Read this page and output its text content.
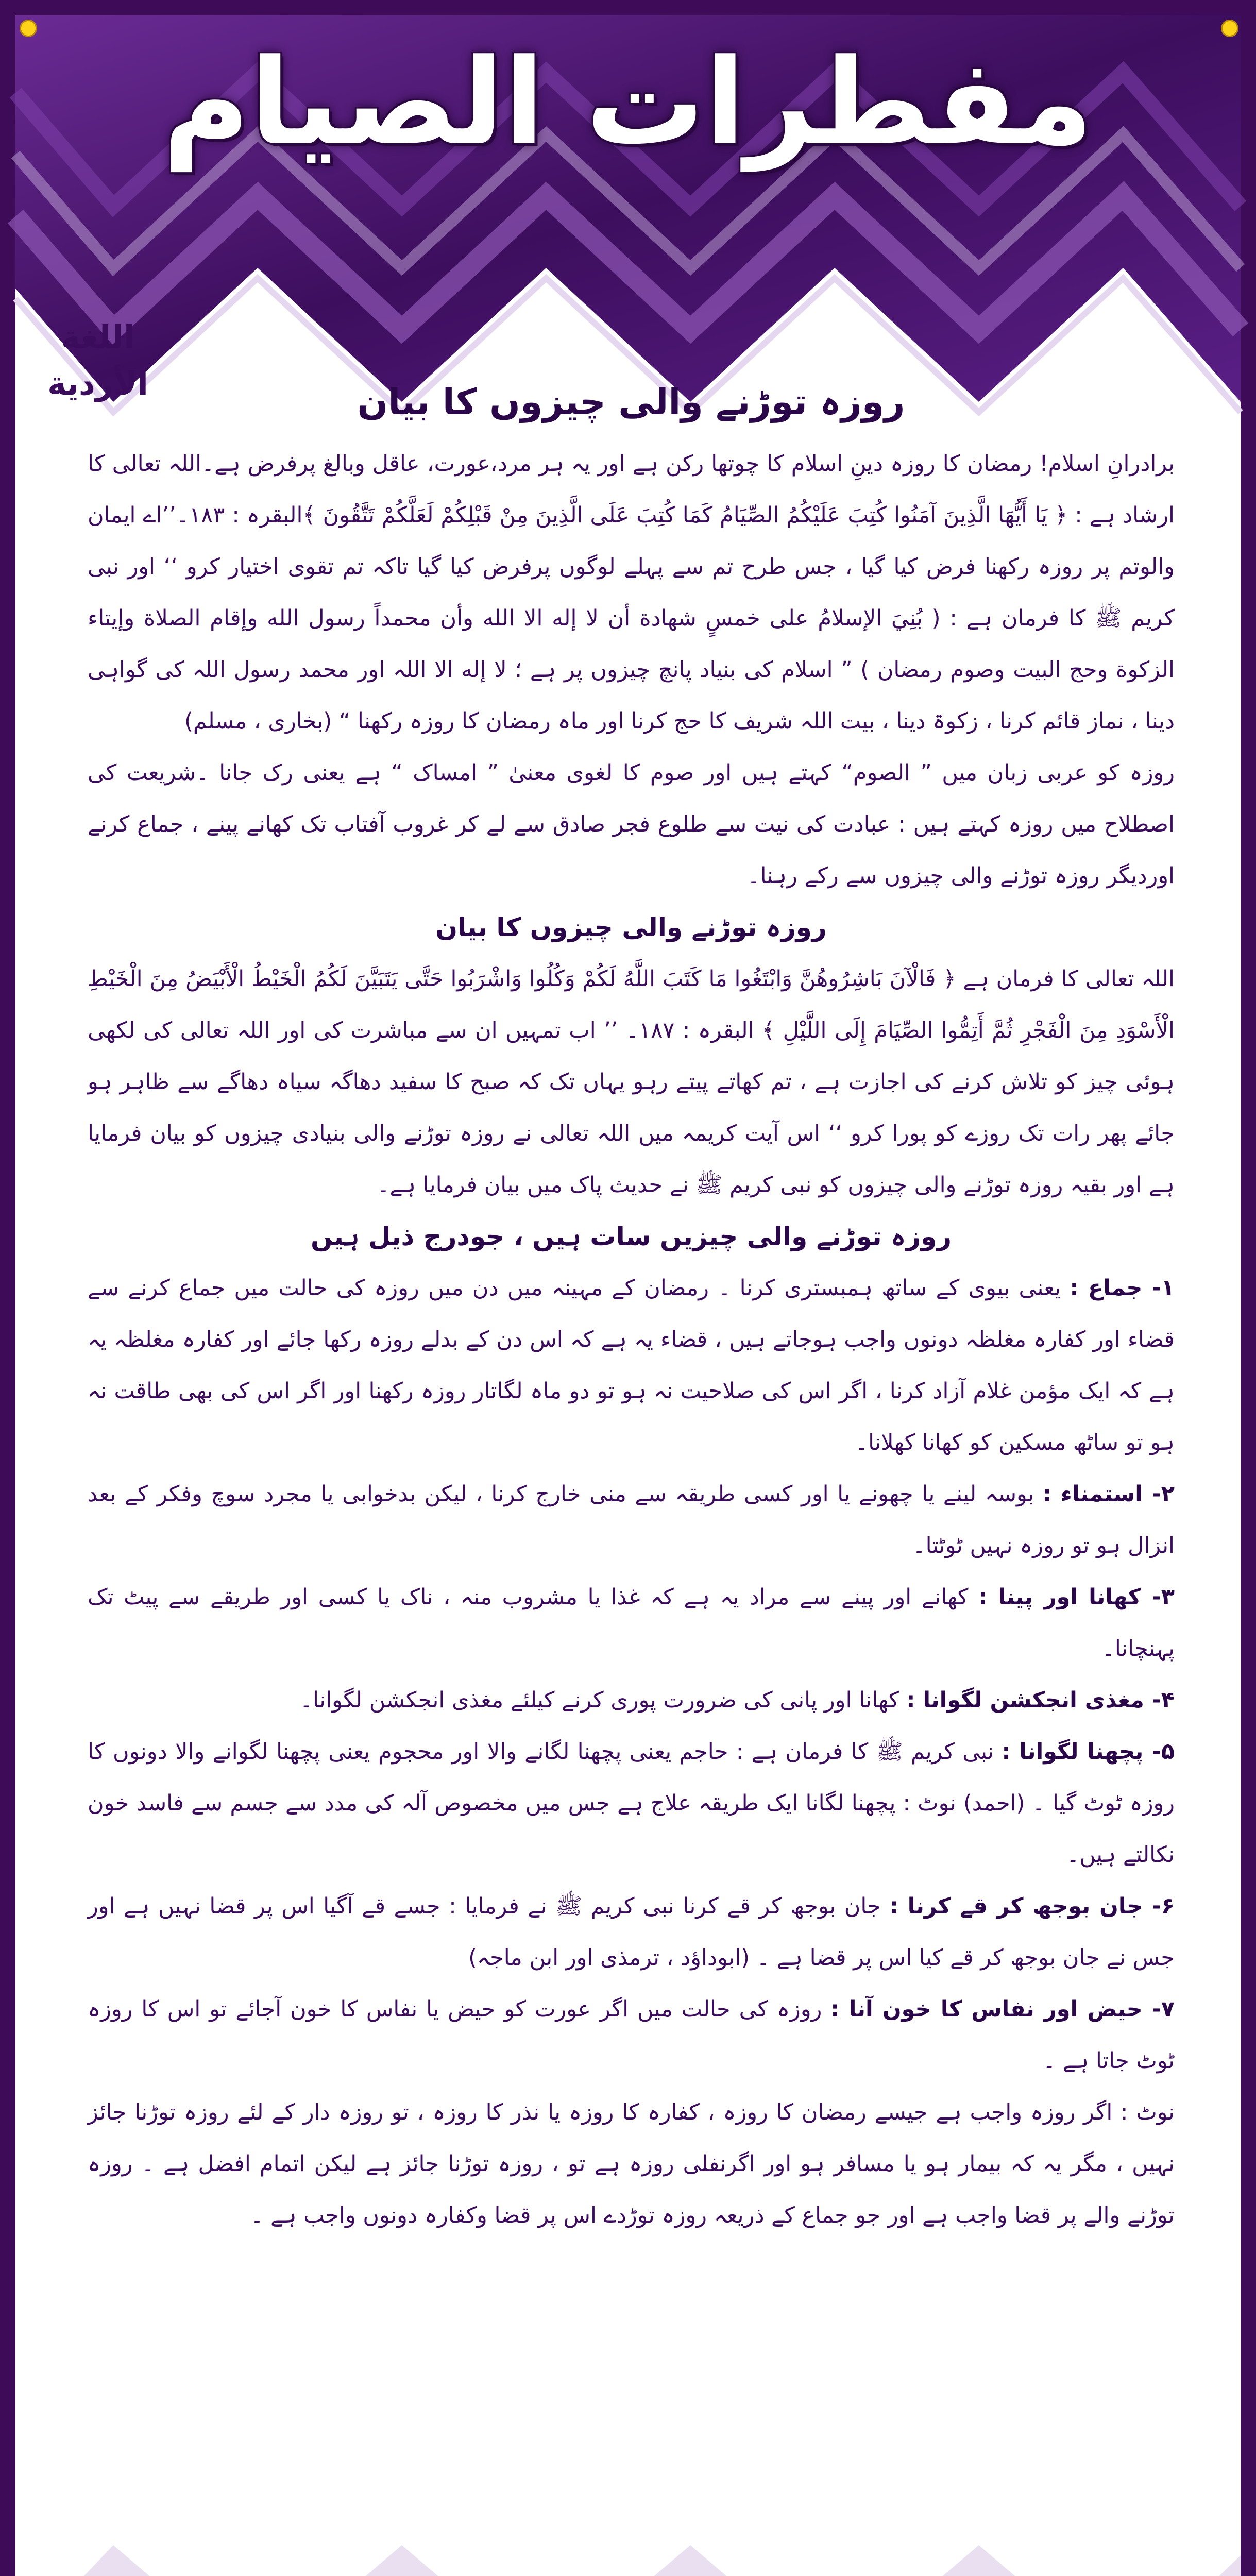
مفطرات الصیام
اللغة
الأردية	روزہ توڑنے والی چیزوں کا بیان

برادرانِ اسلام! رمضان کا روزہ دینِ اسلام کا چوتھا رکن ہے اور یہ ہر مرد،عورت، عاقل وبالغ پرفرض ہے۔اللہ تعالی کا ارشاد ہے : ﴿ يَا أَيُّهَا الَّذِينَ آمَنُوا كُتِبَ عَلَيْكُمُ الصِّيَامُ كَمَا كُتِبَ عَلَى الَّذِينَ مِنْ قَبْلِكُمْ لَعَلَّكُمْ تَتَّقُونَ ﴾البقرہ : ۱۸۳۔’’اے ایمان والوتم پر روزہ رکھنا فرض کیا گیا ، جس طرح تم سے پہلے لوگوں پرفرض کیا گیا تاکہ تم تقوی اختیار کرو ‘‘ اور نبی کریم ﷺ کا فرمان ہے : ( بُنِيَ الإسلامُ على خمسٍ شهادة أن لا إله الا الله وأن محمداً رسول الله وإقام الصلاة وإيتاء الزكوة وحج البيت وصوم رمضان ) ” اسلام کی بنیاد پانچ چیزوں پر ہے ؛ لا إله الا اللہ اور محمد رسول اللہ کی گواہی دینا ، نماز قائم کرنا ، زکوۃ دینا ، بیت اللہ شریف کا حج کرنا اور ماہ رمضان کا روزہ رکھنا “ (بخاری ، مسلم)

روزہ کو عربی زبان میں ” الصوم“ کہتے ہیں اور صوم کا لغوی معنیٰ ” امساک “ ہے یعنی رک جانا ۔شریعت کی اصطلاح میں روزہ کہتے ہیں : عبادت کی نیت سے طلوع فجر صادق سے لے کر غروب آفتاب تک کھانے پینے ، جماع کرنے اوردیگر روزہ توڑنے والی چیزوں سے رکے رہنا۔

روزہ توڑنے والی چیزوں کا بیان

اللہ تعالی کا فرمان ہے ﴿ فَالْآنَ بَاشِرُوهُنَّ وَابْتَغُوا مَا كَتَبَ اللَّهُ لَكُمْ وَكُلُوا وَاشْرَبُوا حَتَّى يَتَبَيَّنَ لَكُمُ الْخَيْطُ الْأَبْيَضُ مِنَ الْخَيْطِ الْأَسْوَدِ مِنَ الْفَجْرِ ثُمَّ أَتِمُّوا الصِّيَامَ إِلَى اللَّيْلِ ﴾ البقرہ : ۱۸۷۔ ’’ اب تمہیں ان سے مباشرت کی اور اللہ تعالی کی لکھی ہوئی چیز کو تلاش کرنے کی اجازت ہے ، تم کھاتے پیتے رہو یہاں تک کہ صبح کا سفید دھاگہ سیاہ دھاگے سے ظاہر ہو جائے پھر رات تک روزے کو پورا کرو ‘‘ اس آیت کریمہ میں اللہ تعالی نے روزہ توڑنے والی بنیادی چیزوں کو بیان فرمایا ہے اور بقیہ روزہ توڑنے والی چیزوں کو نبی کریم ﷺ نے حدیث پاک میں بیان فرمایا ہے۔

روزہ توڑنے والی چیزیں سات ہیں ، جودرج ذیل ہیں

۱- جماع : یعنی بیوی کے ساتھ ہمبستری کرنا ۔ رمضان کے مہینہ میں دن میں روزہ کی حالت میں جماع کرنے سے قضاء اور کفارہ مغلظہ دونوں واجب ہوجاتے ہیں ، قضاء یہ ہے کہ اس دن کے بدلے روزہ رکھا جائے اور کفارہ مغلظہ یہ ہے کہ ایک مؤمن غلام آزاد کرنا ، اگر اس کی صلاحیت نہ ہو تو دو ماہ لگاتار روزہ رکھنا اور اگر اس کی بھی طاقت نہ ہو تو ساٹھ مسکین کو کھانا کھلانا۔

۲- استمناء : بوسہ لینے یا چھونے یا اور کسی طریقہ سے منی خارج کرنا ، لیکن بدخوابی یا مجرد سوچ وفکر کے بعد انزال ہو تو روزہ نہیں ٹوٹتا۔

۳- کھانا اور پینا : کھانے اور پینے سے مراد یہ ہے کہ غذا یا مشروب منہ ، ناک یا کسی اور طریقے سے پیٹ تک پہنچانا۔

۴- مغذی انجکشن لگوانا : کھانا اور پانی کی ضرورت پوری کرنے کیلئے مغذی انجکشن لگوانا۔

۵- پچھنا لگوانا : نبی کریم ﷺ کا فرمان ہے : حاجم یعنی پچھنا لگانے والا اور محجوم یعنی پچھنا لگوانے والا دونوں کا روزہ ٹوٹ گیا ۔ (احمد) نوٹ : پچھنا لگانا ایک طریقہ علاج ہے جس میں مخصوص آلہ کی مدد سے جسم سے فاسد خون نکالتے ہیں۔

۶- جان بوجھ کر قے کرنا : جان بوجھ کر قے کرنا نبی کریم ﷺ نے فرمایا : جسے قے آگیا اس پر قضا نہیں ہے اور جس نے جان بوجھ کر قے کیا اس پر قضا ہے ۔ (ابوداؤد ، ترمذی اور ابن ماجہ)

۷- حیض اور نفاس کا خون آنا : روزہ کی حالت میں اگر عورت کو حیض یا نفاس کا خون آجائے تو اس کا روزہ ٹوٹ جاتا ہے ۔

نوٹ : اگر روزہ واجب ہے جیسے رمضان کا روزہ ، کفارہ کا روزہ یا نذر کا روزہ ، تو روزہ دار کے لئے روزہ توڑنا جائز نہیں ، مگر یہ کہ بیمار ہو یا مسافر ہو اور اگرنفلی روزہ ہے تو ، روزہ توڑنا جائز ہے لیکن اتمام افضل ہے ۔ روزہ توڑنے والے پر قضا واجب ہے اور جو جماع کے ذریعہ روزہ توڑدے اس پر قضا وکفارہ دونوں واجب ہے ۔
